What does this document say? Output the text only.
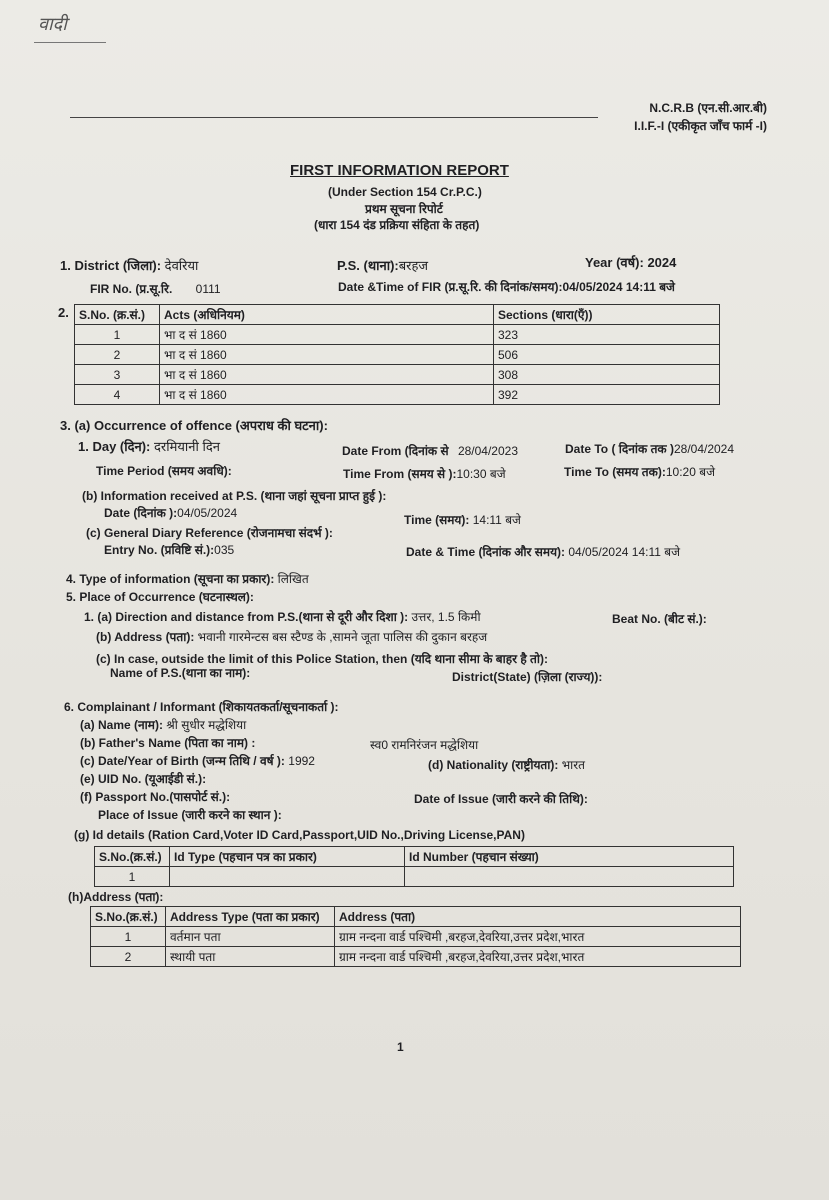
वादी
N.C.R.B (एन.सी.आर.बी)
I.I.F.-I (एकीकृत जाँच फार्म -I)
FIRST INFORMATION REPORT
(Under Section 154 Cr.P.C.)
प्रथम सूचना रिपोर्ट
(धारा 154 दंड प्रक्रिया संहिता के तहत)
1. District (जिला): देवरिया	P.S. (थाना):बरहज	Year (वर्ष): 2024
FIR No. (प्र.सू.रि. 0111	Date &Time of FIR (प्र.सू.रि. की दिनांक/समय):04/05/2024 14:11 बजे
2. S.No. (क्र.सं.)	Acts (अधिनियम)	Sections (धारा(एँ))
1	भा द सं 1860	323
2	भा द सं 1860	506
3	भा द सं 1860	308
4	भा द सं 1860	392
3. (a) Occurrence of offence (अपराध की घटना):
1. Day (दिन): दरमियानी दिन	Date From (दिनांक से 28/04/2023	Date To ( दिनांक तक )28/04/2024
Time Period (समय अवधि):	Time From (समय से ):10:30 बजे	Time To (समय तक):10:20 बजे
(b) Information received at P.S. (थाना जहां सूचना प्राप्त हुई ):
Date (दिनांक ):04/05/2024	Time (समय): 14:11 बजे
(c) General Diary Reference (रोजनामचा संदर्भ ):
Entry No. (प्रविष्टि सं.):035	Date & Time (दिनांक और समय): 04/05/2024 14:11 बजे
4. Type of information (सूचना का प्रकार): लिखित
5. Place of Occurrence (घटनास्थल):
1. (a) Direction and distance from P.S.(थाना से दूरी और दिशा ): उत्तर, 1.5 किमी	Beat No. (बीट सं.):
(b) Address (पता): भवानी गारमेन्टस बस स्टैण्ड के ,सामने जूता पालिस की दुकान बरहज
(c) In case, outside the limit of this Police Station, then (यदि थाना सीमा के बाहर है तो):
Name of P.S.(थाना का नाम):	District(State) (ज़िला (राज्य)):
6. Complainant / Informant (शिकायतकर्ता/सूचनाकर्ता ):
(a) Name (नाम): श्री सुधीर मद्धेशिया
(b) Father's Name (पिता का नाम) :	स्व0 रामनिरंजन मद्धेशिया
(c) Date/Year of Birth (जन्म तिथि / वर्ष ): 1992	(d) Nationality (राष्ट्रीयता): भारत
(e) UID No. (यूआईडी सं.):
(f) Passport No.(पासपोर्ट सं.):	Date of Issue (जारी करने की तिथि):
Place of Issue (जारी करने का स्थान ):
(g) Id details (Ration Card,Voter ID Card,Passport,UID No.,Driving License,PAN)
S.No.(क्र.सं.)	Id Type (पहचान पत्र का प्रकार)	Id Number (पहचान संख्या)
1		
(h)Address (पता):
S.No.(क्र.सं.)	Address Type (पता का प्रकार)	Address (पता)
1	वर्तमान पता	ग्राम नन्दना वार्ड पश्चिमी ,बरहज,देवरिया,उत्तर प्रदेश,भारत
2	स्थायी पता	ग्राम नन्दना वार्ड पश्चिमी ,बरहज,देवरिया,उत्तर प्रदेश,भारत
1
